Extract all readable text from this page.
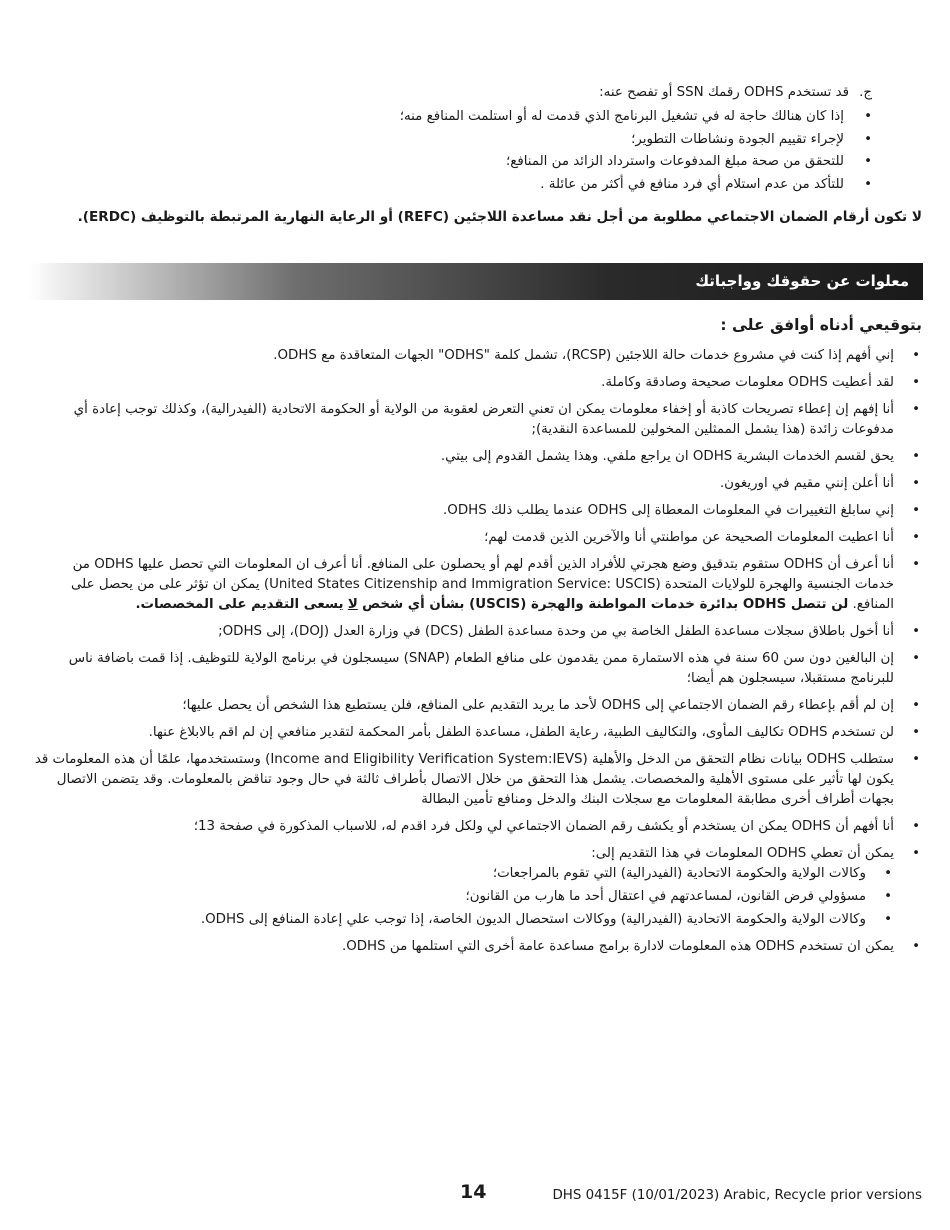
ج.
قد تستخدم ODHS رقمك SSN أو تفصح عنه:
• إذا كان هنالك حاجة له في تشغيل البرنامج الذي قدمت له أو استلمت المنافع منه؛
• لإجراء تقييم الجودة ونشاطات التطوير؛
• للتحقق من صحة مبلغ المدفوعات واسترداد الزائد من المنافع؛
• للتأكد من عدم استلام أي فرد منافع في أكثر من عائلة .
لا تكون أرقام الضمان الاجتماعي مطلوبة من أجل نقد مساعدة اللاجئين (REFC) أو الرعاية النهارية المرتبطة بالتوظيف (ERDC).
معلوات عن حقوقك وواجباتك
بتوقيعي أدناه أوافق على :
• إني أفهم إذا كنت في مشروع خدمات حالة اللاجئين (RCSP)، تشمل كلمة "ODHS" الجهات المتعاقدة مع ODHS.
• لقد أعطيت ODHS معلومات صحيحة وصادقة وكاملة.
• أنا إفهم إن إعطاء تصريحات كاذبة أو إخفاء معلومات يمكن ان تعني التعرض لعقوبة من الولاية أو الحكومة الاتحادية (الفيدرالية)، وكذلك توجب إعادة أي مدفوعات زائدة (هذا يشمل الممثلين المخولين للمساعدة النقدية);
• يحق لقسم الخدمات البشرية ODHS ان يراجع ملفي. وهذا يشمل القدوم إلى بيتي.
• أنا أعلن إنني مقيم في اوريغون.
• إني سابلغ التغييرات في المعلومات المعطاة إلى ODHS عندما يطلب ذلك ODHS.
• أنا اعطيت المعلومات الصحيحة عن مواطنتي أنا والآخرين الذين قدمت لهم؛
• أنا أعرف أن ODHS ستقوم بتدقيق وضع هجرتي للأفراد الذين أقدم لهم أو يحصلون على المنافع. أنا أعرف ان المعلومات التي تحصل عليها ODHS من خدمات الجنسية والهجرة للولايات المتحدة (United States Citizenship and Immigration Service: USCIS) يمكن ان تؤثر على من يحصل على المنافع. لن تتصل ODHS بدائرة خدمات المواطنة والهجرة (USCIS) بشأن أي شخص لا يسعى التقديم على المخصصات.
• أنا أخول باطلاق سجلات مساعدة الطفل الخاصة بي من وحدة مساعدة الطفل (DCS) في وزارة العدل (DOJ)، إلى ODHS;
• إن البالغين دون سن 60 سنة في هذه الاستمارة ممن يقدمون على منافع الطعام (SNAP) سيسجلون في برنامج الولاية للتوظيف. إذا قمت باضافة ناس للبرنامج مستقبلا، سيسجلون هم أيضا؛
• إن لم أقم بإعطاء رقم الضمان الاجتماعي إلى ODHS لأحد ما يريد التقديم على المنافع، فلن يستطيع هذا الشخص أن يحصل عليها؛
• لن تستخدم ODHS تكاليف المأوى، والتكاليف الطبية، رعاية الطفل، مساعدة الطفل بأمر المحكمة لتقدير منافعي إن لم اقم بالابلاغ عنها.
• ستطلب ODHS بيانات نظام التحقق من الدخل والأهلية (Income and Eligibility Verification System:IEVS) وستستخدمها، علمًا أن هذه المعلومات قد يكون لها تأثير على مستوى الأهلية والمخصصات. يشمل هذا التحقق من خلال الاتصال بأطراف ثالثة في حال وجود تناقض بالمعلومات. وقد يتضمن الاتصال بجهات أطراف أخرى مطابقة المعلومات مع سجلات البنك والدخل ومنافع تأمين البطالة
• أنا أفهم أن ODHS يمكن ان يستخدم أو يكشف رقم الضمان الاجتماعي لي ولكل فرد اقدم له، للاسباب المذكورة في صفحة 13؛
• يمكن أن تعطي ODHS المعلومات في هذا التقديم إلى:
• وكالات الولاية والحكومة الاتحادية (الفيدرالية) التي تقوم بالمراجعات؛
• مسؤولي فرض القانون، لمساعدتهم في اعتقال أحد ما هارب من القانون؛
• وكالات الولاية والحكومة الاتحادية (الفيدرالية) ووكالات استحصال الديون الخاصة، إذا توجب علي إعادة المنافع إلى ODHS.
• يمكن ان تستخدم ODHS هذه المعلومات لادارة برامج مساعدة عامة أخرى التي استلمها من ODHS.
14	DHS 0415F (10/01/2023) Arabic, Recycle prior versions
